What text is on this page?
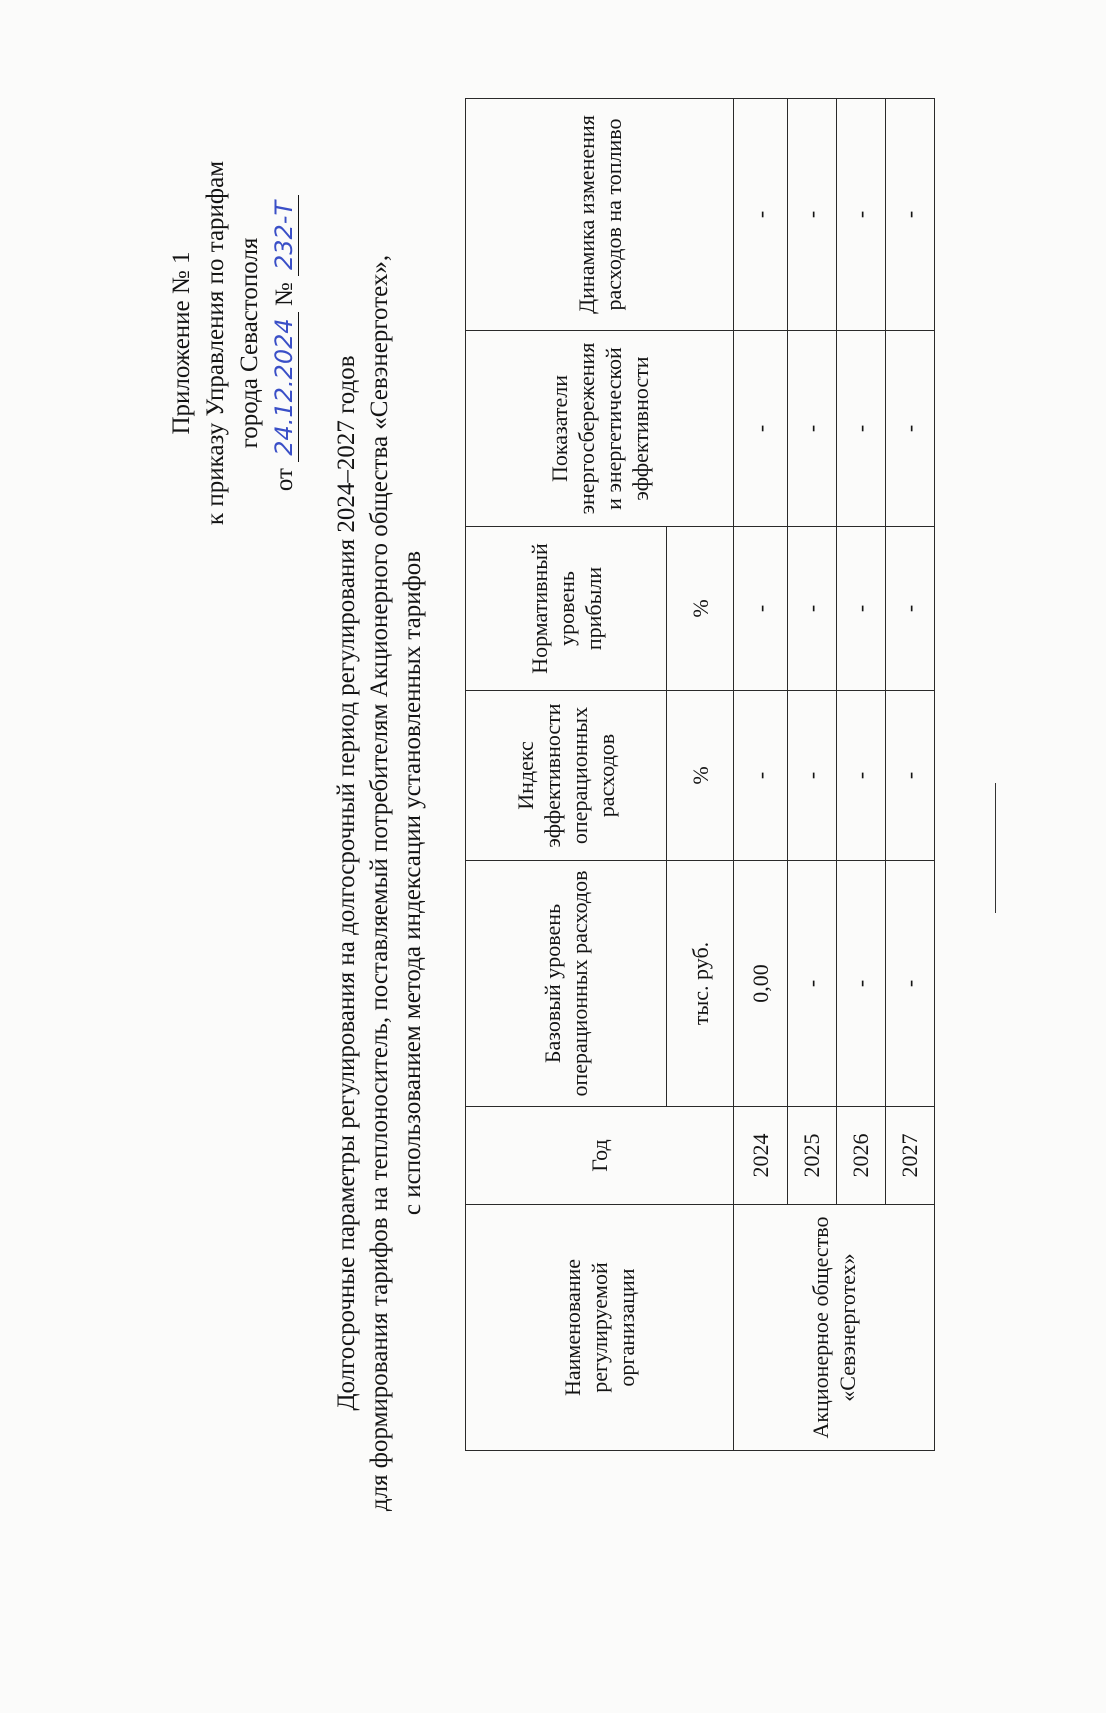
Приложение № 1 к приказу Управления по тарифам города Севастополя
от 24.12.2024 № 232-Т
Долгосрочные параметры регулирования на долгосрочный период регулирования 2024–2027 годов для формирования тарифов на теплоноситель, поставляемый потребителям Акционерного общества «Севэнерготех», с использованием метода индексации установленных тарифов
Наименование регулируемой организации	Год	Базовый уровень операционных расходов	Индекс эффективности операционных расходов	Нормативный уровень прибыли	Показатели энергосбережения и энергетической эффективности	Динамика изменения расходов на топливо
		тыс. руб.	%	%		
Акционерное общество «Севэнерготех»	2024	0,00	-	-	-	-
	2025	-	-	-	-	-
	2026	-	-	-	-	-
	2027	-	-	-	-	-
